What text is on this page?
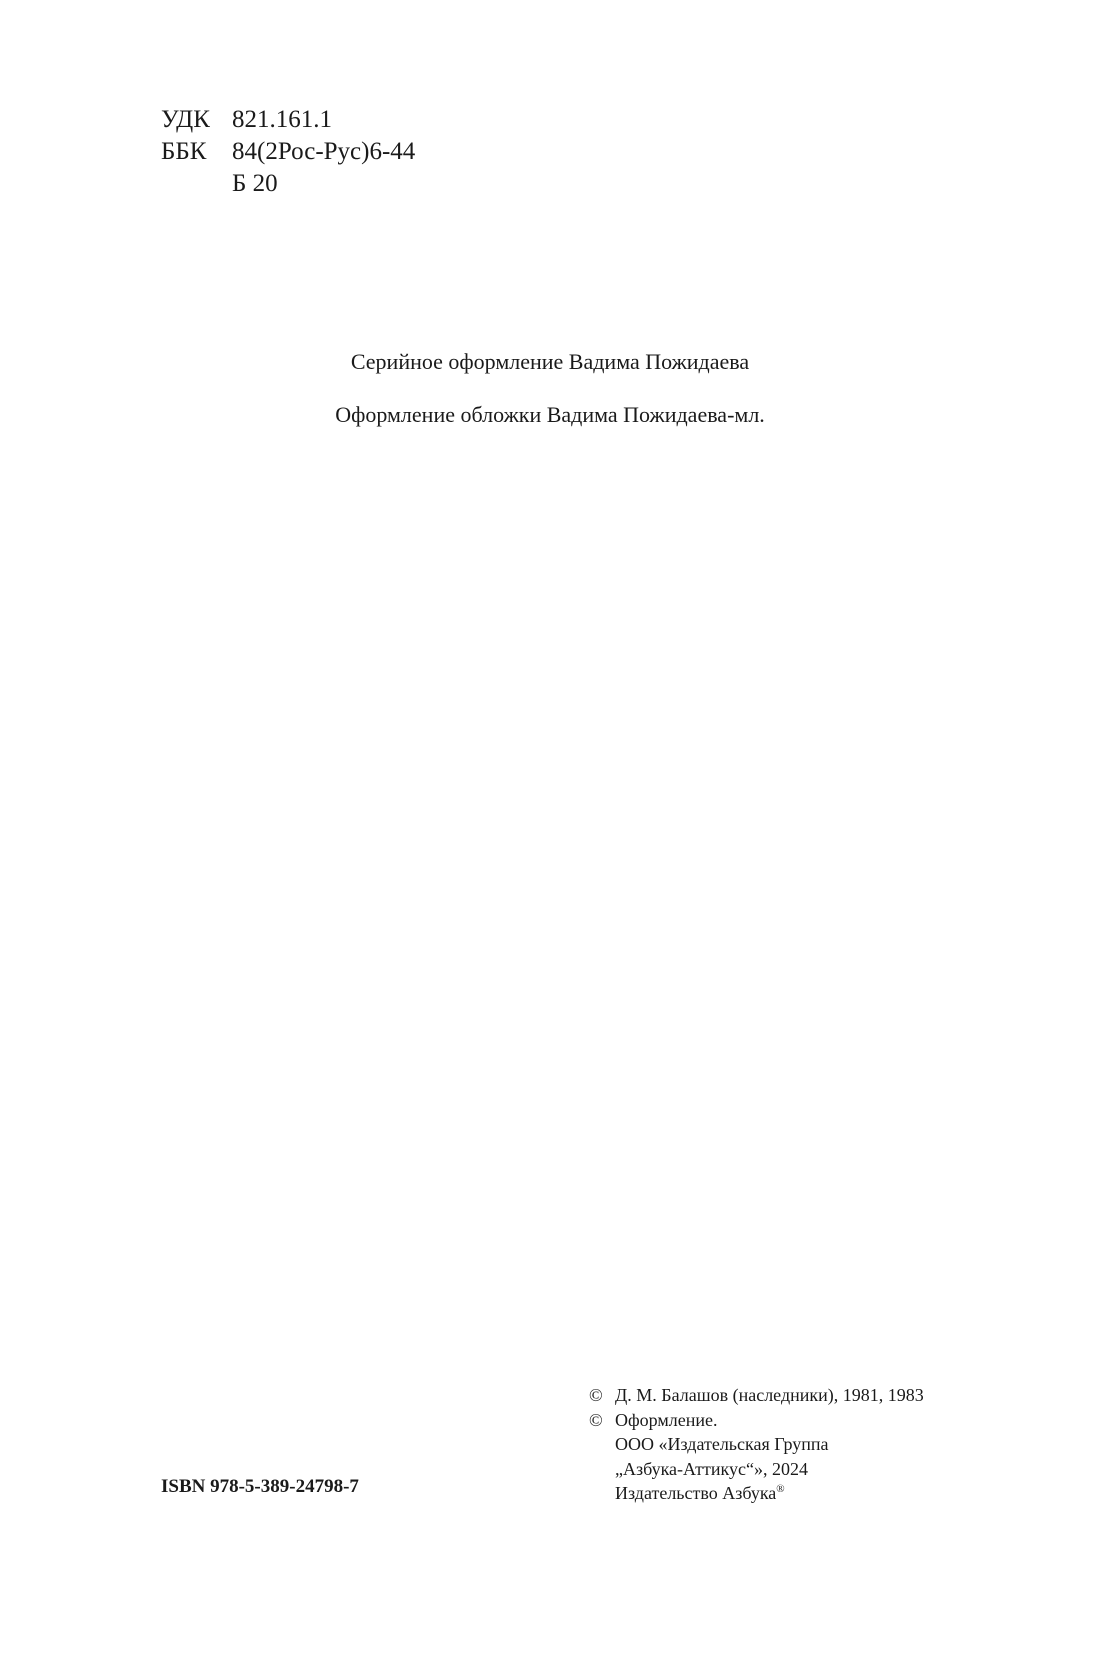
УДК 821.161.1
ББК	84(2Рос-Рус)6-44
Б 20
Серийное оформление Вадима Пожидаева
Оформление обложки Вадима Пожидаева-мл.
© Д. М. Балашов (наследники), 1981, 1983
© Оформление.
ООО «Издательская Группа
„Азбука-Аттикус“», 2024
Издательство Азбука®
ISBN 978-5-389-24798-7
